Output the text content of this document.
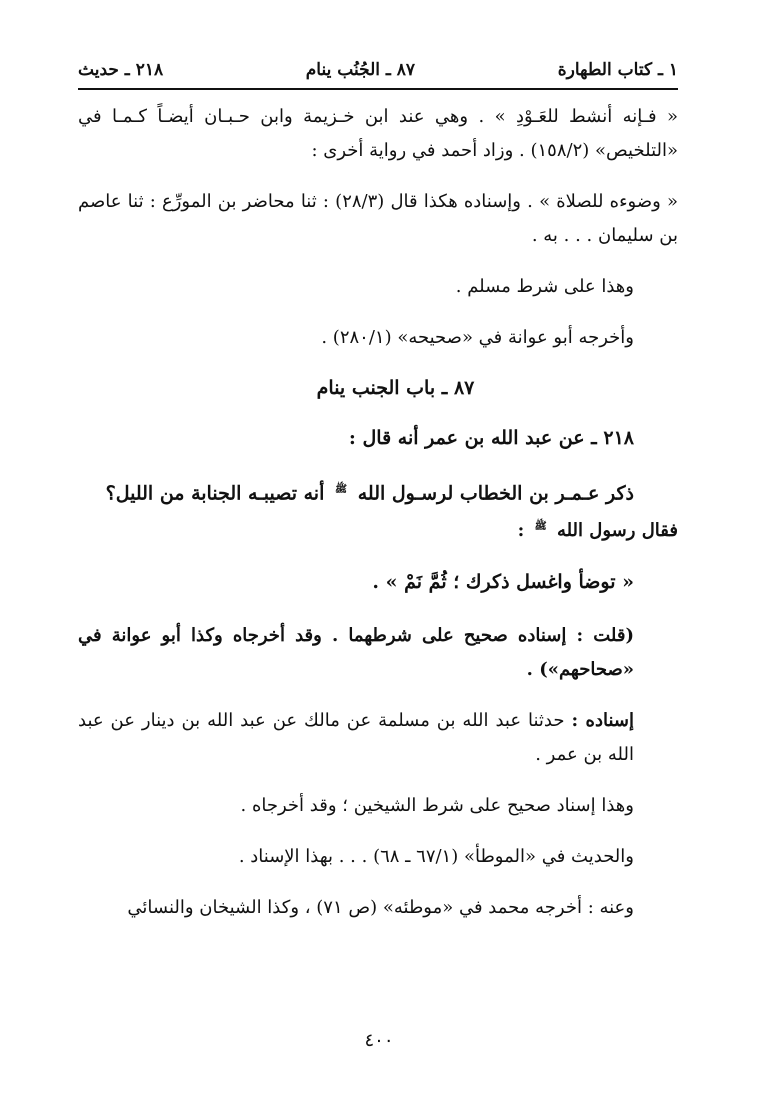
١ ـ كتاب الطهارة
٨٧ ـ الجُنُب ينام
٢١٨ ـ حديث

« فـإنه أنشط للعَـوْدِ » . وهي عند ابن خـزيمة وابن حـبـان أيضـاً كـمـا في «التلخيص» (١٥٨/٢) . وزاد أحمد في رواية أخرى :

« وضوءه للصلاة » . وإسناده هكذا قال (٢٨/٣) : ثنا محاضر بن المورِّع : ثنا عاصم بن سليمان . . . به .

وهذا على شرط مسلم .

وأخرجه أبو عوانة في «صحيحه» (٢٨٠/١) .

٨٧ ـ باب الجنب ينام
٢١٨ ـ عن عبد الله بن عمر أنه قال :

ذكر عـمـر بن الخطاب لرسـول الله ﷺ أنه تصيبـه الجنابة من الليل؟

فقال رسول الله ﷺ :

« توضأ واغسل ذكرك ؛ ثُمَّ نَمْ » .

(قلت : إسناده صحيح على شرطهما . وقد أخرجاه وكذا أبو عوانة في «صحاحهم») .

إسناده : حدثنا عبد الله بن مسلمة عن مالك عن عبد الله بن دينار عن عبد الله بن عمر .

وهذا إسناد صحيح على شرط الشيخين ؛ وقد أخرجاه .

والحديث في «الموطأ» (٦٧/١ ـ ٦٨) . . . بهذا الإسناد .

وعنه : أخرجه محمد في «موطئه» (ص ٧١) ، وكذا الشيخان والنسائي

٤٠٠
